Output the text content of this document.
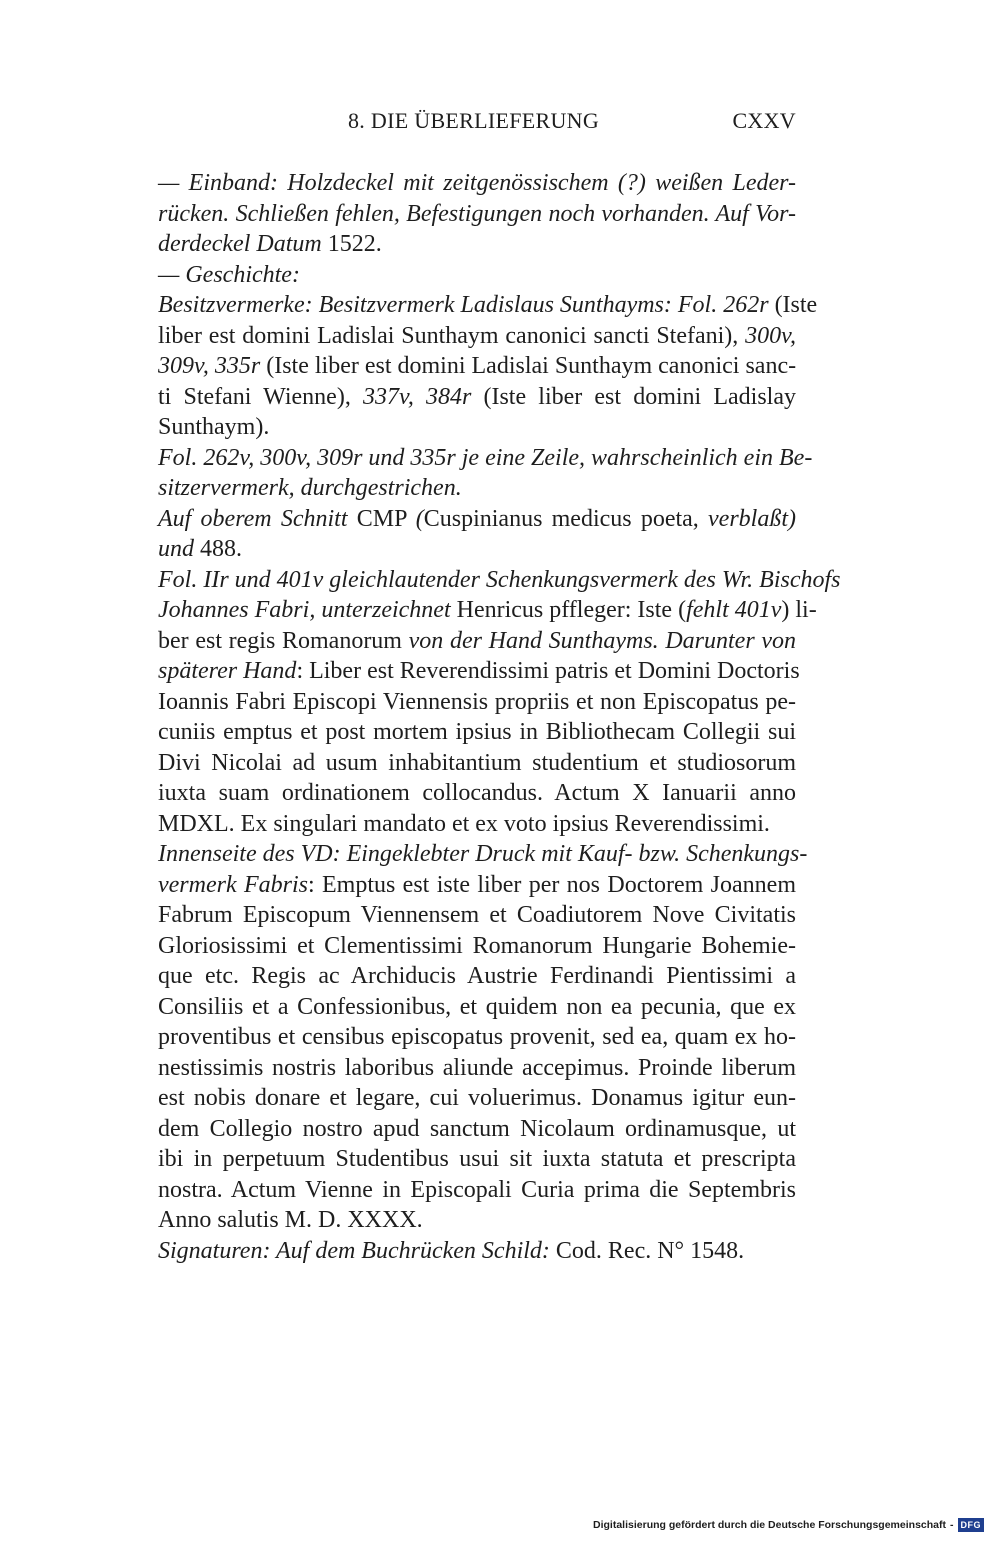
8. DIE ÜBERLIEFERUNG	CXXV
— Einband: Holzdeckel mit zeitgenössischem (?) weißen Leder-
rücken. Schließen fehlen, Befestigungen noch vorhanden. Auf Vor-
derdeckel Datum 1522.
— Geschichte:
Besitzvermerke: Besitzvermerk Ladislaus Sunthayms: Fol. 262r (Iste
liber est domini Ladislai Sunthaym canonici sancti Stefani), 300v,
309v, 335r (Iste liber est domini Ladislai Sunthaym canonici sanc-
ti Stefani Wienne), 337v, 384r (Iste liber est domini Ladislay
Sunthaym).
Fol. 262v, 300v, 309r und 335r je eine Zeile, wahrscheinlich ein Be-
sitzervermerk, durchgestrichen.
Auf oberem Schnitt CMP (Cuspinianus medicus poeta, verblaßt)
und 488.
Fol. IIr und 401v gleichlautender Schenkungsvermerk des Wr. Bischofs
Johannes Fabri, unterzeichnet Henricus pffleger: Iste (fehlt 401v) li-
ber est regis Romanorum von der Hand Sunthayms. Darunter von
späterer Hand: Liber est Reverendissimi patris et Domini Doctoris
Ioannis Fabri Episcopi Viennensis propriis et non Episcopatus pe-
cuniis emptus et post mortem ipsius in Bibliothecam Collegii sui
Divi Nicolai ad usum inhabitantium studentium et studiosorum
iuxta suam ordinationem collocandus. Actum X Ianuarii anno
MDXL. Ex singulari mandato et ex voto ipsius Reverendissimi.
Innenseite des VD: Eingeklebter Druck mit Kauf- bzw. Schenkungs-
vermerk Fabris: Emptus est iste liber per nos Doctorem Joannem
Fabrum Episcopum Viennensem et Coadiutorem Nove Civitatis
Gloriosissimi et Clementissimi Romanorum Hungarie Bohemie-
que etc. Regis ac Archiducis Austrie Ferdinandi Pientissimi a
Consiliis et a Confessionibus, et quidem non ea pecunia, que ex
proventibus et censibus episcopatus provenit, sed ea, quam ex ho-
nestissimis nostris laboribus aliunde accepimus. Proinde liberum
est nobis donare et legare, cui voluerimus. Donamus igitur eun-
dem Collegio nostro apud sanctum Nicolaum ordinamusque, ut
ibi in perpetuum Studentibus usui sit iuxta statuta et prescripta
nostra. Actum Vienne in Episcopali Curia prima die Septembris
Anno salutis M. D. XXXX.
Signaturen: Auf dem Buchrücken Schild: Cod. Rec. N° 1548.
Digitalisierung gefördert durch die Deutsche Forschungsgemeinschaft - DFG
